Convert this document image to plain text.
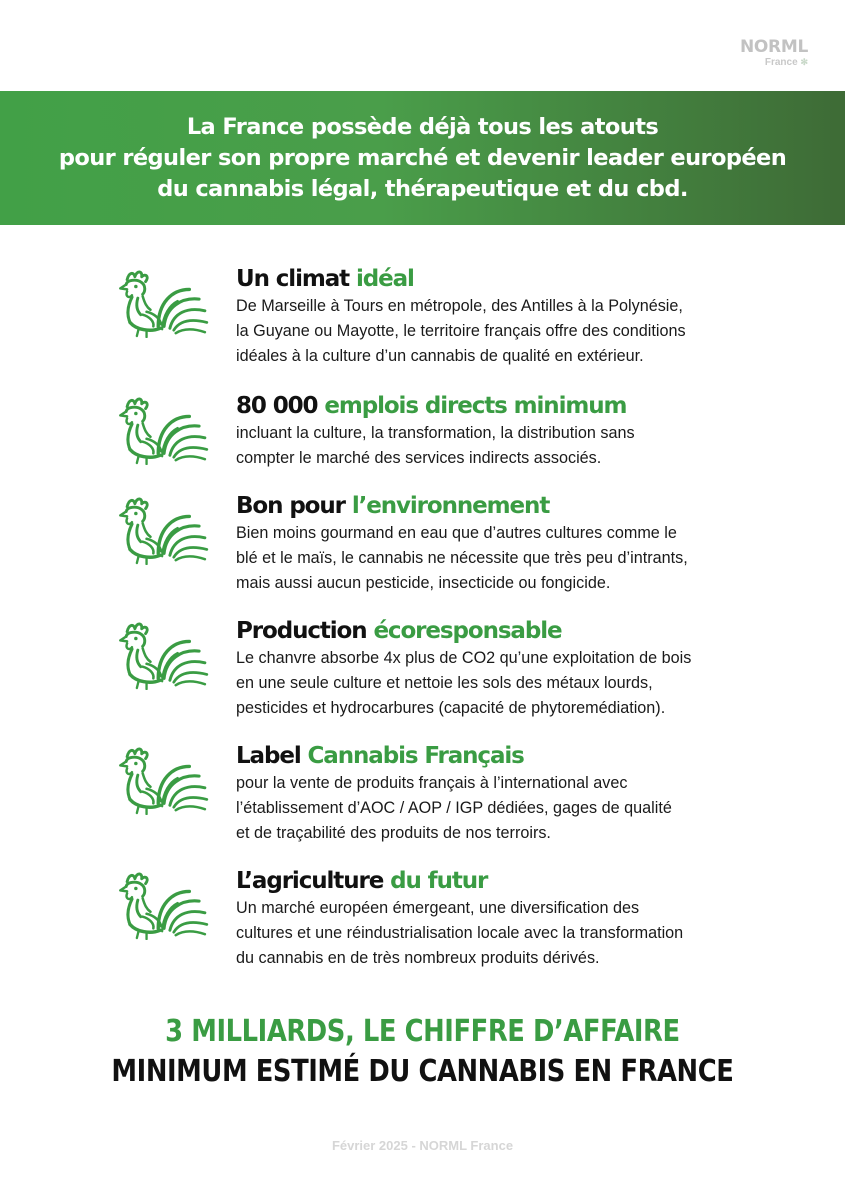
NORML
France ✻
La France possède déjà tous les atouts
pour réguler son propre marché et devenir leader européen
du cannabis légal, thérapeutique et du cbd.
Un climat idéal
De Marseille à Tours en métropole, des Antilles à la Polynésie,
la Guyane ou Mayotte, le territoire français offre des conditions
idéales à la culture d’un cannabis de qualité en extérieur.
80 000 emplois directs minimum
incluant la culture, la transformation, la distribution sans
compter le marché des services indirects associés.
Bon pour l’environnement
Bien moins gourmand en eau que d’autres cultures comme le
blé et le maïs, le cannabis ne nécessite que très peu d’intrants,
mais aussi aucun pesticide, insecticide ou fongicide.
Production écoresponsable
Le chanvre absorbe 4x plus de CO2 qu’une exploitation de bois
en une seule culture et nettoie les sols des métaux lourds,
pesticides et hydrocarbures (capacité de phytoremédiation).
Label Cannabis Français
pour la vente de produits français à l’international avec
l’établissement d’AOC / AOP / IGP dédiées, gages de qualité
et de traçabilité des produits de nos terroirs.
L’agriculture du futur
Un marché européen émergeant, une diversification des
cultures et une réindustrialisation locale avec la transformation
du cannabis en de très nombreux produits dérivés.
3 MILLIARDS, LE CHIFFRE D’AFFAIRE
MINIMUM ESTIMÉ DU CANNABIS EN FRANCE
Février 2025 - NORML France
